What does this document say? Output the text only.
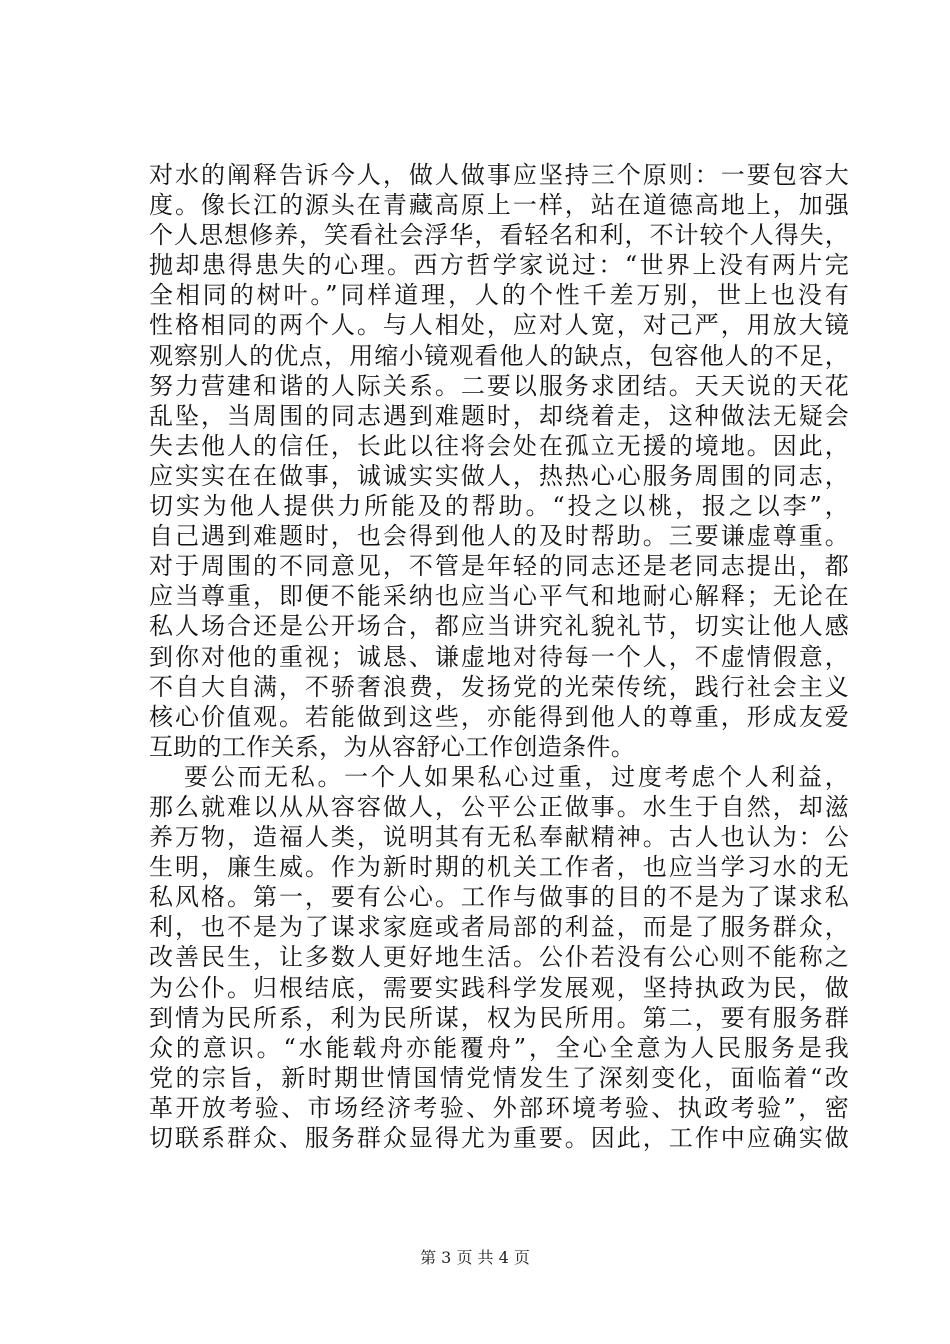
对水的阐释告诉今人，做人做事应坚持三个原则：一要包容大
度。像长江的源头在青藏高原上一样，站在道德高地上，加强
个人思想修养，笑看社会浮华，看轻名和利，不计较个人得失，
抛却患得患失的心理。西方哲学家说过：“世界上没有两片完
全相同的树叶。”同样道理，人的个性千差万别，世上也没有
性格相同的两个人。与人相处，应对人宽，对己严，用放大镜
观察别人的优点，用缩小镜观看他人的缺点，包容他人的不足，
努力营建和谐的人际关系。二要以服务求团结。天天说的天花
乱坠，当周围的同志遇到难题时，却绕着走，这种做法无疑会
失去他人的信任，长此以往将会处在孤立无援的境地。因此，
应实实在在做事，诚诚实实做人，热热心心服务周围的同志，
切实为他人提供力所能及的帮助。“投之以桃，报之以李”，
自己遇到难题时，也会得到他人的及时帮助。三要谦虚尊重。
对于周围的不同意见，不管是年轻的同志还是老同志提出，都
应当尊重，即便不能采纳也应当心平气和地耐心解释；无论在
私人场合还是公开场合，都应当讲究礼貌礼节，切实让他人感
到你对他的重视；诚恳、谦虚地对待每一个人，不虚情假意，
不自大自满，不骄奢浪费，发扬党的光荣传统，践行社会主义
核心价值观。若能做到这些，亦能得到他人的尊重，形成友爱
互助的工作关系，为从容舒心工作创造条件。
要公而无私。一个人如果私心过重，过度考虑个人利益，
那么就难以从从容容做人，公平公正做事。水生于自然，却滋
养万物，造福人类，说明其有无私奉献精神。古人也认为：公
生明，廉生威。作为新时期的机关工作者，也应当学习水的无
私风格。第一，要有公心。工作与做事的目的不是为了谋求私
利，也不是为了谋求家庭或者局部的利益，而是了服务群众，
改善民生，让多数人更好地生活。公仆若没有公心则不能称之
为公仆。归根结底，需要实践科学发展观，坚持执政为民，做
到情为民所系，利为民所谋，权为民所用。第二，要有服务群
众的意识。“水能载舟亦能覆舟”，全心全意为人民服务是我
党的宗旨，新时期世情国情党情发生了深刻变化，面临着“改
革开放考验、市场经济考验、外部环境考验、执政考验”，密
切联系群众、服务群众显得尤为重要。因此，工作中应确实做
第 3 页 共 4 页
